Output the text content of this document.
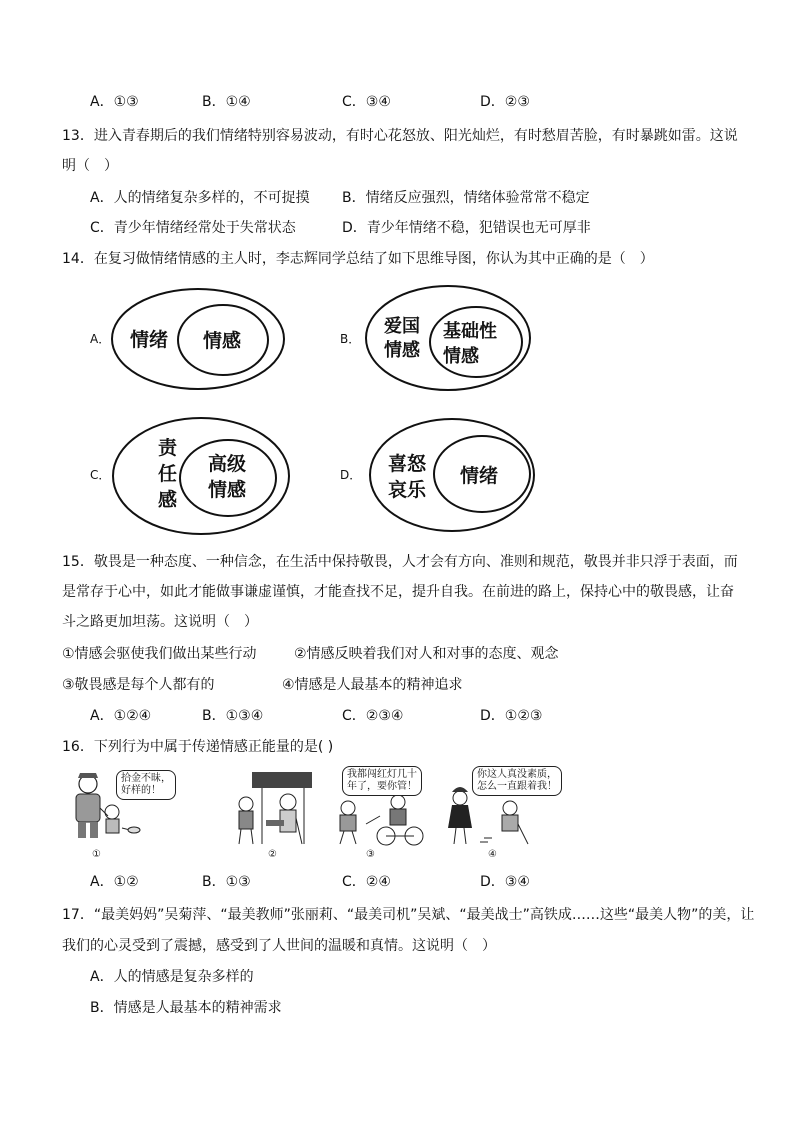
A．①③	B．①④	C．③④	D．②③
13．进入青春期后的我们情绪特别容易波动，有时心花怒放、阳光灿烂，有时愁眉苦脸，有时暴跳如雷。这说
明（　）
A．人的情绪复杂多样的，不可捉摸 B．情绪反应强烈，情绪体验常常不稳定
C．青少年情绪经常处于失常状态	D．青少年情绪不稳，犯错误也无可厚非
14．在复习做情绪情感的主人时，李志辉同学总结了如下思维导图，你认为其中正确的是（　）
A． 情绪 情感	B．
爱国
情感
基础性
情感
C．
责
任
感
高级
情感
D． 喜怒
哀乐
情绪
15．敬畏是一种态度、一种信念，在生活中保持敬畏，人才会有方向、准则和规范，敬畏并非只浮于表面，而
是常存于心中，如此才能做事谦虚谨慎，才能查找不足，提升自我。在前进的路上，保持心中的敬畏感，让奋
斗之路更加坦荡。这说明（　）
①情感会驱使我们做出某些行动	②情感反映着我们对人和对事的态度、观念
③敬畏感是每个人都有的	④情感是人最基本的精神追求
A．①②④	B．①③④	C．②③④	D．①②③
16．下列行为中属于传递情感正能量的是( )
拾金不昧，
好样的！
①	②
我都闯红灯几十
年了，要你管！
③
你这人真没素质，
怎么一直跟着我！
④
A．①②	B．①③	C．②④	D．③④
17．“最美妈妈”吴菊萍、“最美教师”张丽莉、“最美司机”吴斌、“最美战士”高铁成……这些“最美人物”的美，让
我们的心灵受到了震撼，感受到了人世间的温暖和真情。这说明（　）
A．人的情感是复杂多样的
B．情感是人最基本的精神需求
